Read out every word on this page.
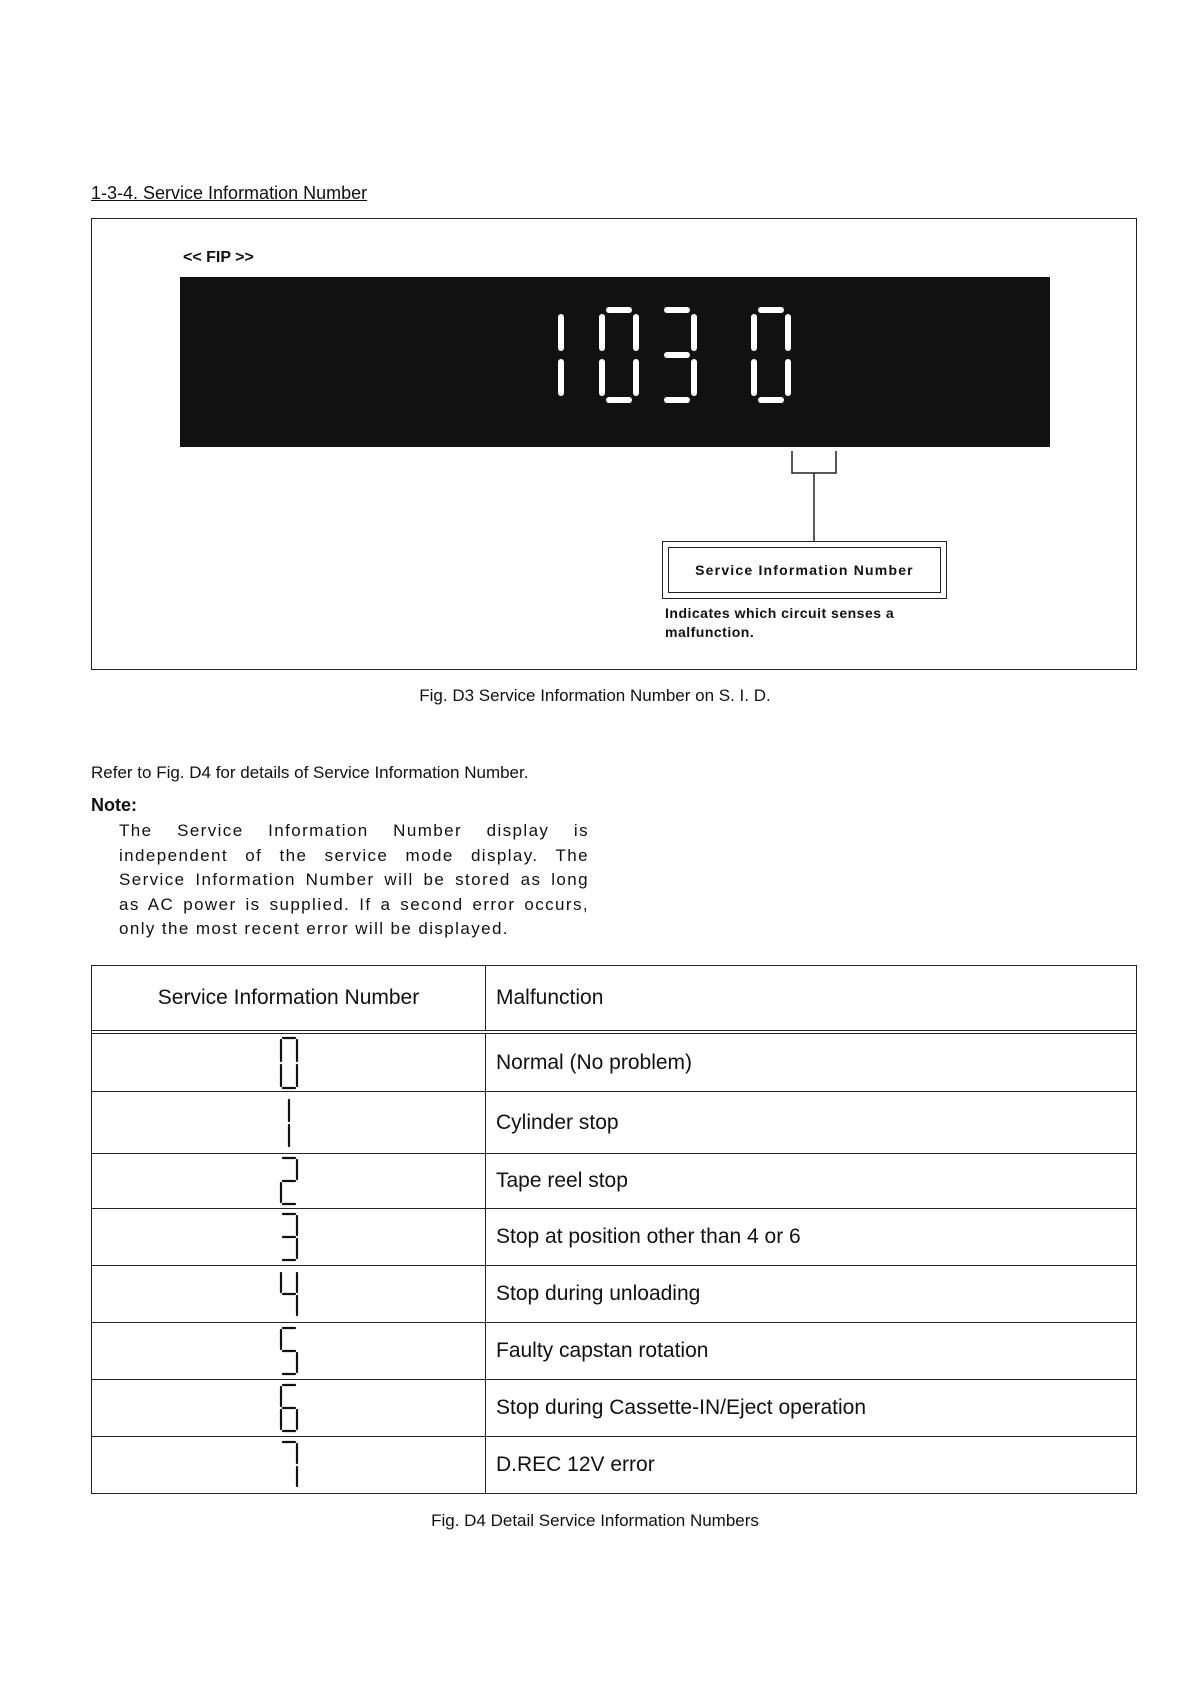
1-3-4. Service Information Number
<< FIP >>
Service Information Number
Indicates which circuit senses a malfunction.
Fig. D3 Service Information Number on S. I. D.
Refer to Fig. D4 for details of Service Information Number.
Note:
The Service Information Number display is independent of the service mode display. The Service Information Number will be stored as long as AC power is supplied. If a second error occurs, only the most recent error will be displayed.
Service Information Number	Malfunction
Normal (No problem)
Cylinder stop
Tape reel stop
Stop at position other than 4 or 6
Stop during unloading
Faulty capstan rotation
Stop during Cassette-IN/Eject operation
D.REC 12V error
Fig. D4 Detail Service Information Numbers
